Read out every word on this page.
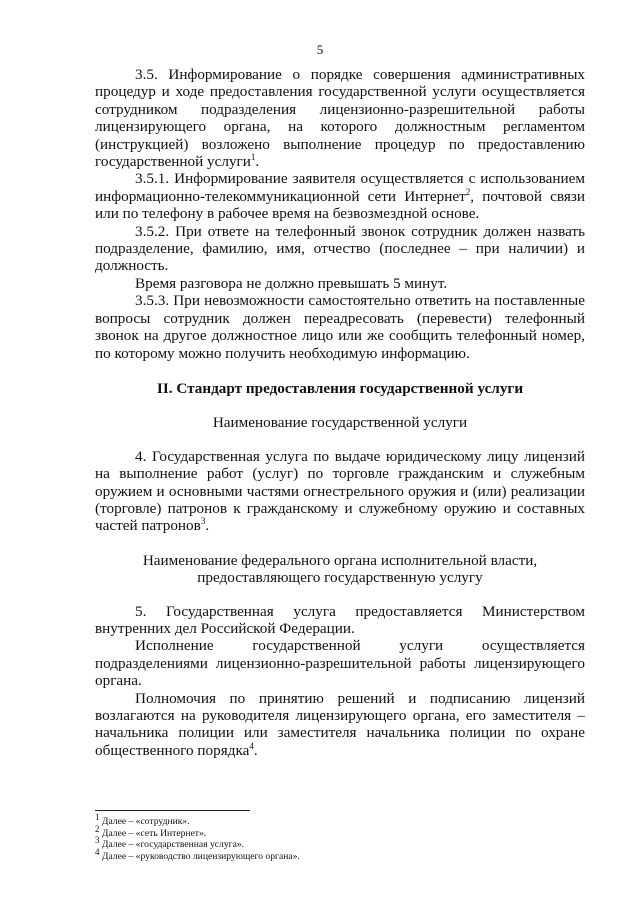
5

3.5. Информирование о порядке совершения административных процедур и ходе предоставления государственной услуги осуществляется сотрудником подразделения лицензионно-разрешительной работы лицензирующего органа, на которого должностным регламентом (инструкцией) возложено выполнение процедур по предоставлению государственной услуги$^1$.

3.5.1. Информирование заявителя осуществляется с использованием информационно-телекоммуникационной сети Интернет$^2$, почтовой связи или по телефону в рабочее время на безвозмездной основе.

3.5.2. При ответе на телефонный звонок сотрудник должен назвать подразделение, фамилию, имя, отчество (последнее – при наличии) и должность.

Время разговора не должно превышать 5 минут.

3.5.3. При невозможности самостоятельно ответить на поставленные вопросы сотрудник должен переадресовать (перевести) телефонный звонок на другое должностное лицо или же сообщить телефонный номер, по которому можно получить необходимую информацию.

II. Стандарт предоставления государственной услуги

Наименование государственной услуги

4. Государственная услуга по выдаче юридическому лицу лицензий на выполнение работ (услуг) по торговле гражданским и служебным оружием и основными частями огнестрельного оружия и (или) реализации (торговле) патронов к гражданскому и служебному оружию и составных частей патронов$^3$.

Наименование федерального органа исполнительной власти,
предоставляющего государственную услугу

5. Государственная услуга предоставляется Министерством внутренних дел Российской Федерации.

Исполнение государственной услуги осуществляется подразделениями лицензионно-разрешительной работы лицензирующего органа.

Полномочия по принятию решений и подписанию лицензий возлагаются на руководителя лицензирующего органа, его заместителя – начальника полиции или заместителя начальника полиции по охране общественного порядка$^4$.

$^1$ Далее – «сотрудник».
$^2$ Далее – «сеть Интернет».
$^3$ Далее – «государственная услуга».
$^4$ Далее – «руководство лицензирующего органа».
